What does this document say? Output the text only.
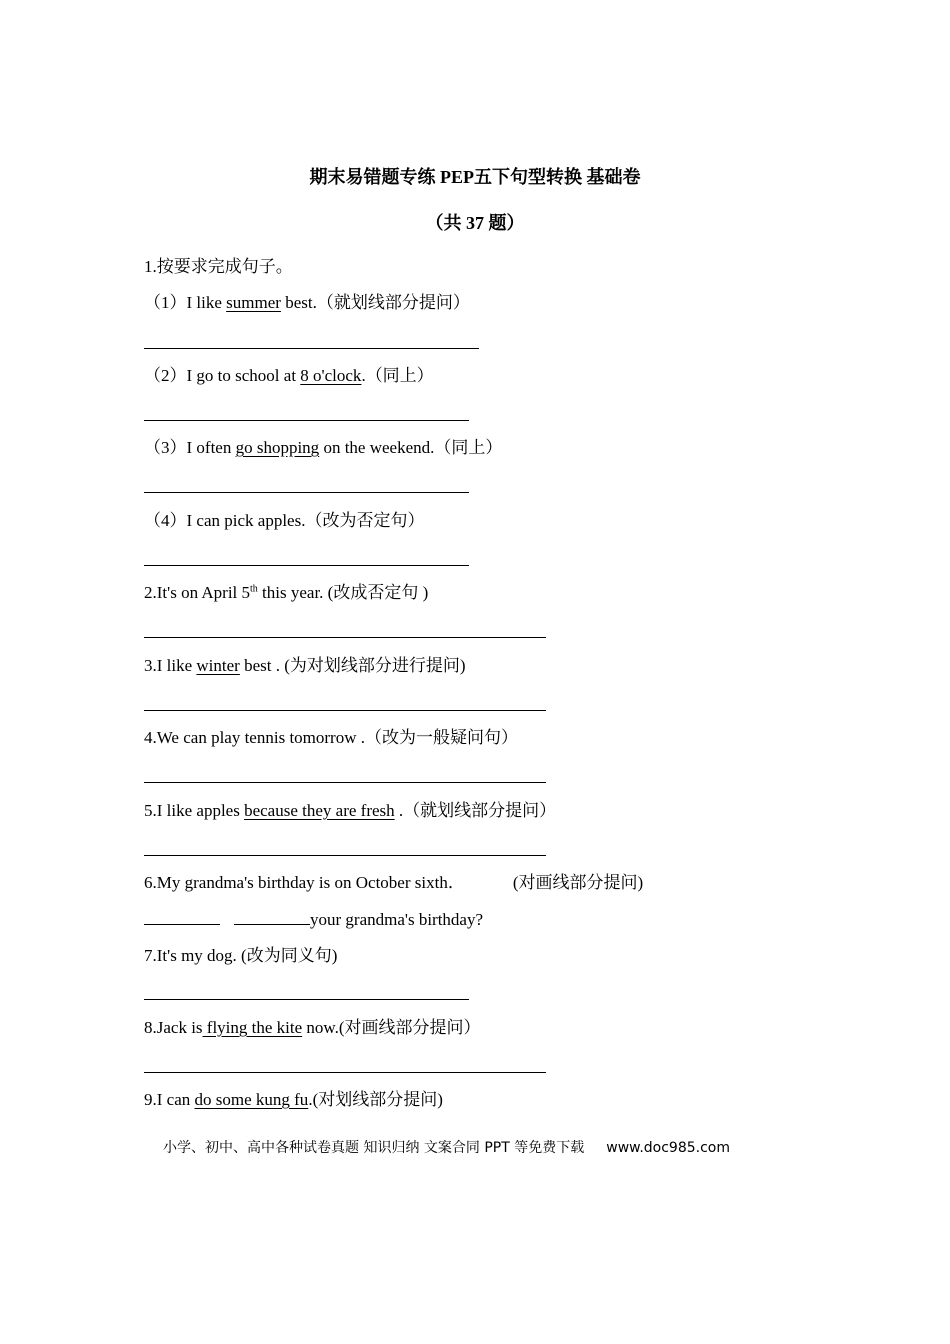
期末易错题专练 PEP五下句型转换 基础卷
（共 37 题）
1.按要求完成句子。
（1）I like summer best.（就划线部分提问）
（2）I go to school at 8 o'clock.（同上）
（3）I often go shopping on the weekend.（同上）
（4）I can pick apples.（改为否定句）
2.It's on April 5th this year. (改成否定句 )
3.I like winter best . (为对划线部分进行提问)
4.We can play tennis tomorrow .（改为一般疑问句）
5.I like apples because they are fresh .（就划线部分提问）
6.My grandma's birthday is on October sixth．	(对画线部分提问)
your grandma's birthday?
7.It's my dog. (改为同义句)
8.Jack is flying the kite now.(对画线部分提问）
9.I can do some kung fu.(对划线部分提问)
小学、初中、高中各种试卷真题 知识归纳 文案合同 PPT 等免费下载 www.doc985.com
